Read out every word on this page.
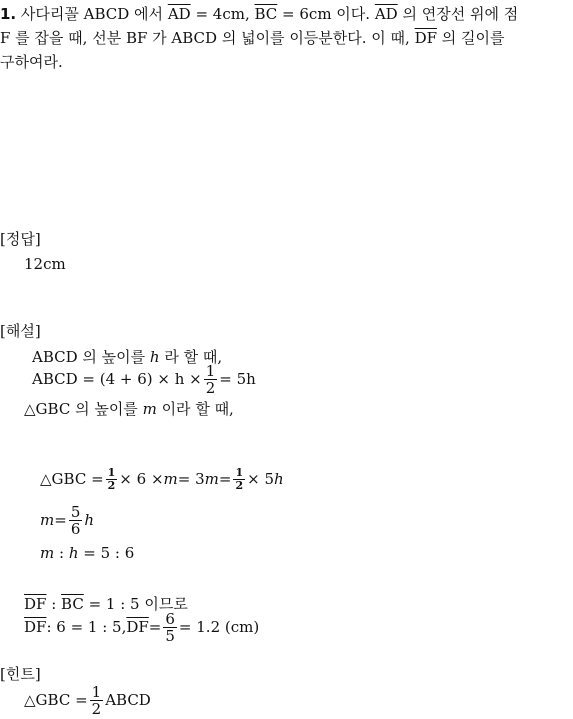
1. 사다리꼴 ABCD 에서 $\overline{AD} = 4cm$, $\overline{BC} = 6cm$ 이다. $\overline{AD}$ 의 연장선 위에 점
F 를 잡을 때, 선분 BF 가 ABCD 의 넓이를 이등분한다. 이 때, $\overline{DF}$ 의 길이를
구하여라.
[정답]
12cm
[해설]
ABCD 의 높이를 h 라 할 때,
ABCD = $(4 + 6) \times h \times \frac{1}{2} = 5h$
△GBC 의 높이를 m 이라 할 때,
△GBC = $\frac{1}{2} \times 6 \times m = 3$ $m = \frac{1}{2} \times 5$ h
$m = \frac{5}{6}$ h
m : h = 5 : 6
$\overline{DF}$ : $\overline{BC} = 1$ : 5 이므로
$\overline{DF}$ : 6 = 1 : 5, $\overline{DF} = \frac{6}{5} = 1.2$ (cm)
[힌트]
△GBC = $\frac{1}{2}$ ABCD
